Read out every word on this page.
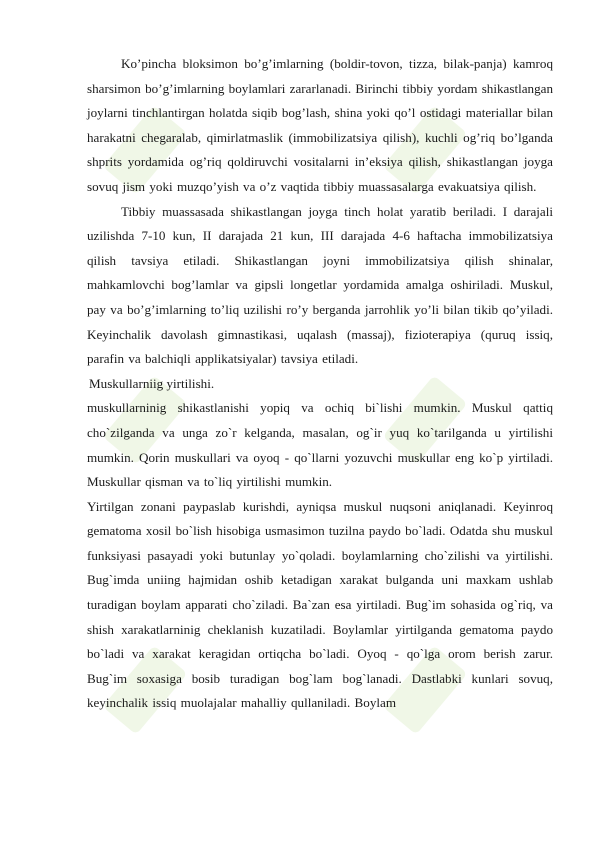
Ko’pincha bloksimon bo’g’imlarning (boldir-tovon, tizza, bilak-panja) kamroq sharsimon bo’g’imlarning boylamlari zararlanadi. Birinchi tibbiy yordam shikastlangan joylarni tinchlantirgan holatda siqib bog’lash, shina yoki qo’l ostidagi materiallar bilan harakatni chegaralab, qimirlatmaslik (immobilizatsiya qilish), kuchli og’riq bo’lganda shprits yordamida og’riq qoldiruvchi vositalarni in’eksiya qilish, shikastlangan joyga sovuq jism yoki muzqo’yish va o’z vaqtida tibbiy muassasalarga evakuatsiya qilish.

Tibbiy muassasada shikastlangan joyga tinch holat yaratib beriladi. I darajali uzilishda 7-10 kun, II darajada 21 kun, III darajada 4-6 haftacha immobilizatsiya qilish tavsiya etiladi. Shikastlangan joyni immobilizatsiya qilish shinalar, mahkamlovchi bog’lamlar va gipsli longetlar yordamida amalga oshiriladi. Muskul, pay va bo’g’imlarning to’liq uzilishi ro’y berganda jarrohlik yo’li bilan tikib qo’yiladi. Keyinchalik davolash gimnastikasi, uqalash (massaj), fizioterapiya (quruq issiq, parafin va balchiqli applikatsiyalar) tavsiya etiladi.

Muskullarniig yirtilishi.

muskullarninig shikastlanishi yopiq va ochiq bi`lishi mumkin. Muskul qattiq cho`zilganda va unga zo`r kelganda, masalan, og`ir yuq ko`tarilganda u yirtilishi mumkin. Qorin muskullari va oyoq - qo`llarni yozuvchi muskullar eng ko`p yirtiladi. Muskullar qisman va to`liq yirtilishi mumkin.

Yirtilgan zonani paypaslab kurishdi, ayniqsa muskul nuqsoni aniqlanadi. Keyinroq gematoma xosil bo`lish hisobiga usmasimon tuzilna paydo bo`ladi. Odatda shu muskul funksiyasi pasayadi yoki butunlay yo`qoladi. boylamlarning cho`zilishi va yirtilishi. Bug`imda uniing hajmidan oshib ketadigan xarakat bulganda uni maxkam ushlab turadigan boylam apparati cho`ziladi. Ba`zan esa yirtiladi. Bug`im sohasida og`riq, va shish xarakatlarninig cheklanish kuzatiladi. Boylamlar yirtilganda gematoma paydo bo`ladi va xarakat keragidan ortiqcha bo`ladi. Oyoq - qo`lga orom berish zarur. Bug`im soxasiga bosib turadigan bog`lam bog`lanadi. Dastlabki kunlari sovuq, keyinchalik issiq muolajalar mahalliy qullaniladi. Boylam
